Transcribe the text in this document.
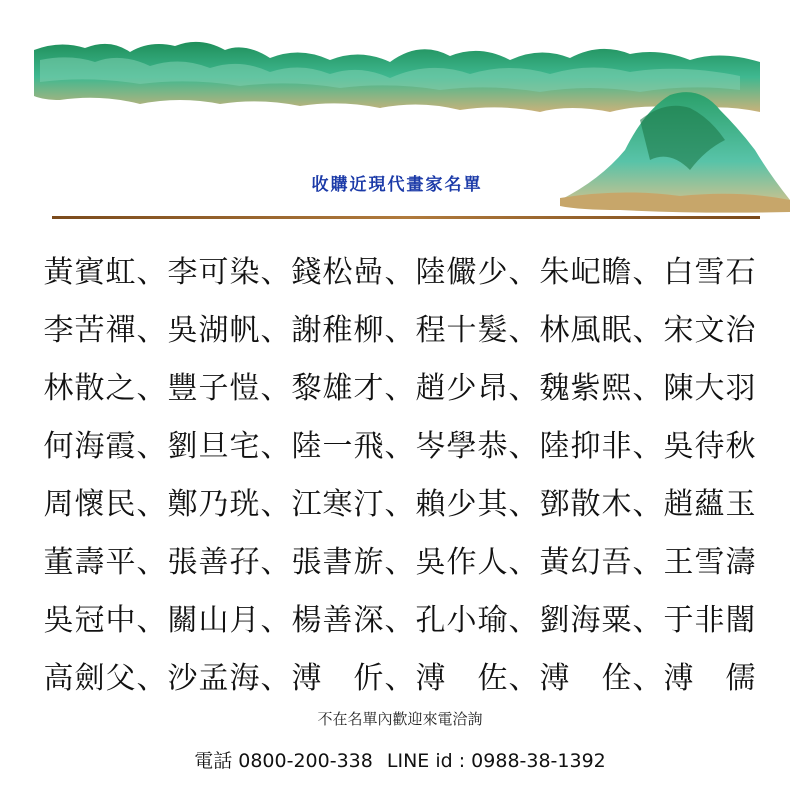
收購近現代畫家名單
黃賓虹、李可染、錢松喦、陸儼少、朱屺瞻、白雪石
李苦禪、吳湖帆、謝稚柳、程十髮、林風眠、宋文治
林散之、豐子愷、黎雄才、趙少昂、魏紫熙、陳大羽
何海霞、劉旦宅、陸一飛、岑學恭、陸抑非、吳待秋
周懷民、鄭乃珖、江寒汀、賴少其、鄧散木、趙蘊玉
董壽平、張善孖、張書旂、吳作人、黃幻吾、王雪濤
吳冠中、關山月、楊善深、孔小瑜、劉海粟、于非闇
高劍父、沙孟海、溥　伒、溥　佐、溥　佺、溥　儒
不在名單內歡迎來電洽詢
電話 0800-200-338 LINE id : 0988-38-1392
